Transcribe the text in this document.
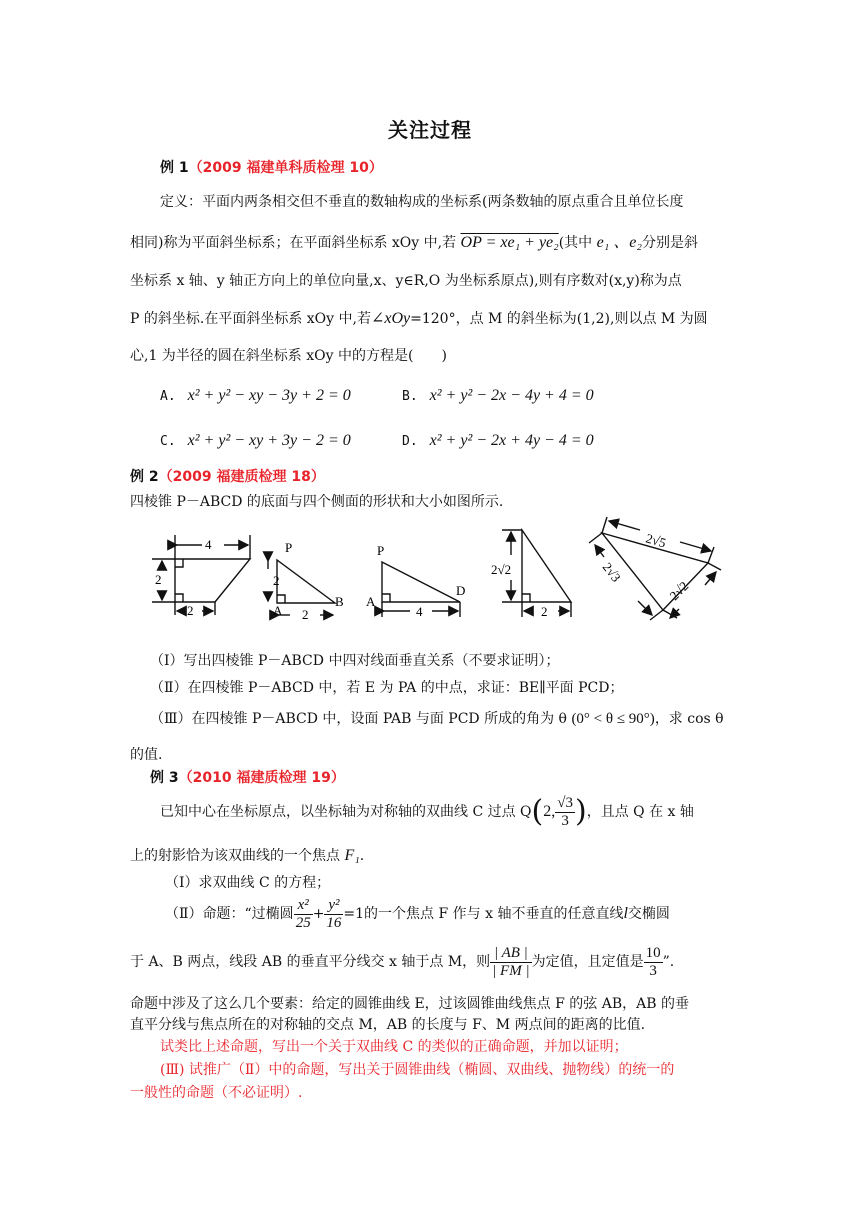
关注过程
例 1（2009 福建单科质检理 10）
定义：平面内两条相交但不垂直的数轴构成的坐标系(两条数轴的原点重合且单位长度
相同)称为平面斜坐标系；在平面斜坐标系 xOy 中,若 OP = xe₁ + ye₂(其中 e₁ 、e₂分别是斜
坐标系 x 轴、y 轴正方向上的单位向量,x、y∈R,O 为坐标系原点),则有序数对(x,y)称为点
P 的斜坐标.在平面斜坐标系 xOy 中,若∠xOy=120°，点 M 的斜坐标为(1,2),则以点 M 为圆
心,1 为半径的圆在斜坐标系 xOy 中的方程是(　　)
A. x² + y² − xy − 3y + 2 = 0	B. x² + y² − 2x − 4y + 4 = 0
C. x² + y² − xy + 3y − 2 = 0	D. x² + y² − 2x + 4y − 4 = 0
例 2（2009 福建质检理 18）
四棱锥 P－ABCD 的底面与四个侧面的形状和大小如图所示.
4
2
2
P
A
B
2
2
P
A
D
4
2√2
2
2√5
2√3
2√2
（Ⅰ）写出四棱锥 P－ABCD 中四对线面垂直关系（不要求证明）；
（Ⅱ）在四棱锥 P－ABCD 中，若 E 为 PA 的中点，求证：BE∥平面 PCD；
（Ⅲ）在四棱锥 P－ABCD 中，设面 PAB 与面 PCD 所成的角为 θ (0° < θ ≤ 90°)，求 cos θ
的值.
例 3（2010 福建质检理 19）
已知中心在坐标原点，以坐标轴为对称轴的双曲线 C 过点 Q(2, $\frac{√3}{3}$ )，且点 Q 在 x 轴
上的射影恰为该双曲线的一个焦点 F₁.
（Ⅰ）求双曲线 C 的方程；
（Ⅱ）命题：“过椭圆 $\frac{\text{x²}}{25} + \frac{\text{y²}}{16} =1$的一个焦点 F 作与 x 轴不垂直的任意直线l交椭圆
于 A、B 两点，线段 AB 的垂直平分线交 x 轴于点 M，则 $\frac{| AB |}{| FM |}$ 为定值，且定值是 $\frac{10}{3}$ ”.
命题中涉及了这么几个要素：给定的圆锥曲线 E，过该圆锥曲线焦点 F 的弦 AB，AB 的垂
直平分线与焦点所在的对称轴的交点 M，AB 的长度与 F、M 两点间的距离的比值.
试类比上述命题，写出一个关于双曲线 C 的类似的正确命题，并加以证明；
(Ⅲ) 试推广（Ⅱ）中的命题，写出关于圆锥曲线（椭圆、双曲线、抛物线）的统一的
一般性的命题（不必证明）.
